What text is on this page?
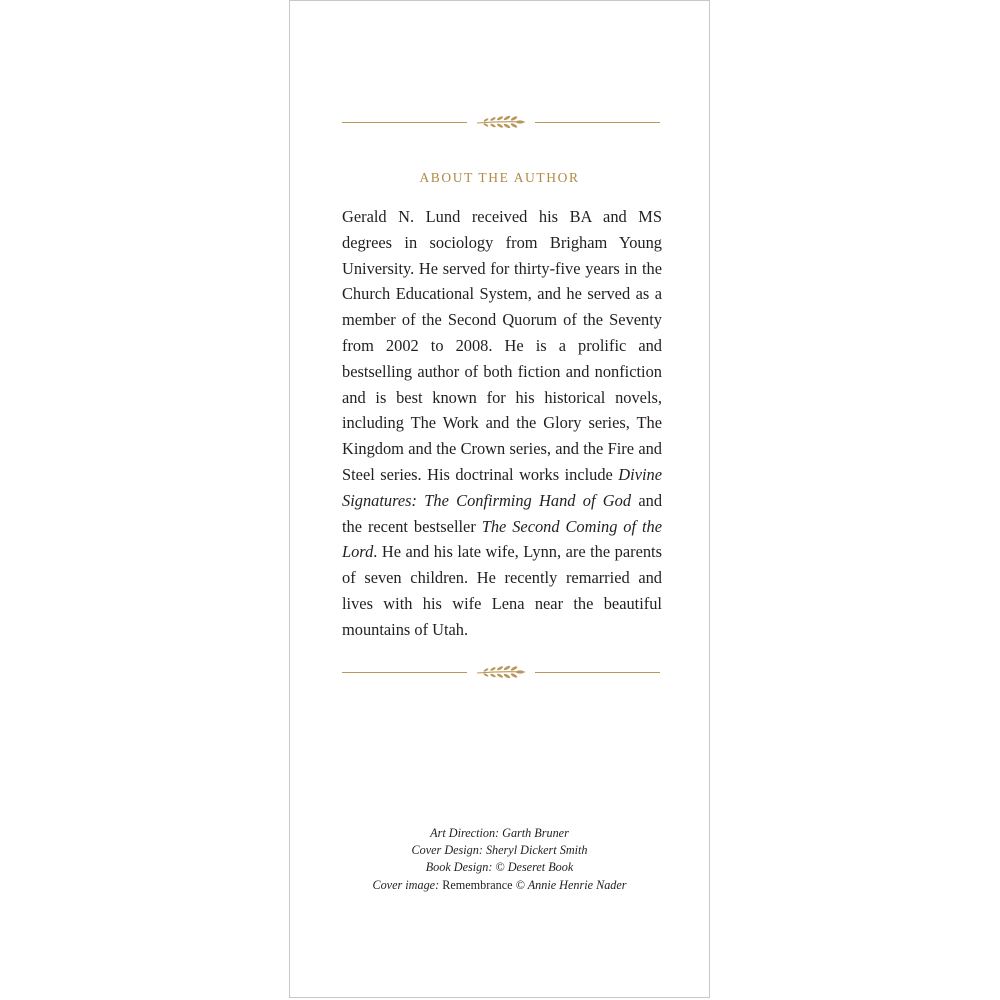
ABOUT THE AUTHOR

Gerald N. Lund received his BA and MS degrees in sociology from Brigham Young University. He served for thirty-five years in the Church Educational System, and he served as a member of the Second Quorum of the Seventy from 2002 to 2008. He is a prolific and bestselling author of both fiction and nonfiction and is best known for his historical novels, including The Work and the Glory series, The Kingdom and the Crown series, and the Fire and Steel series. His doctrinal works include Divine Signatures: The Confirming Hand of God and the recent bestseller The Second Coming of the Lord. He and his late wife, Lynn, are the parents of seven children. He recently remarried and lives with his wife Lena near the beautiful mountains of Utah.

Art Direction: Garth Bruner
Cover Design: Sheryl Dickert Smith
Book Design: © Deseret Book
Cover image: Remembrance © Annie Henrie Nader
